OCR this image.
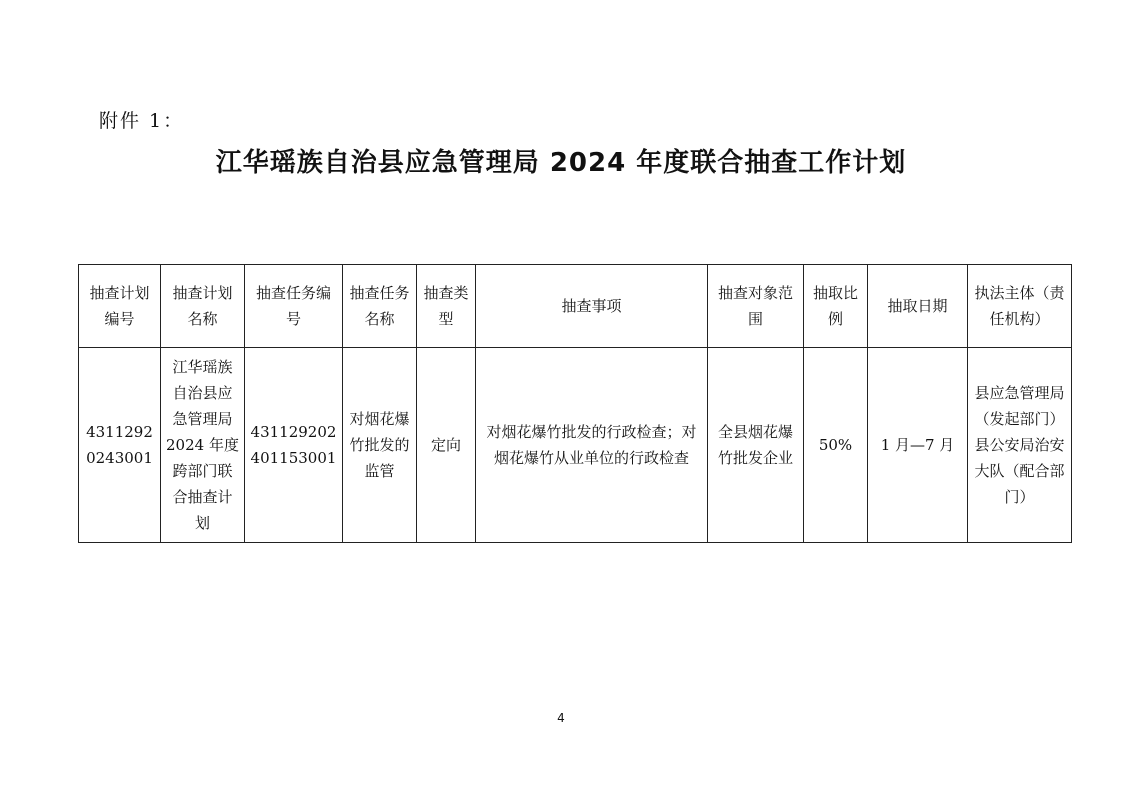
附件 1：
江华瑶族自治县应急管理局 2024 年度联合抽查工作计划
抽查计划编号	抽查计划名称	抽查任务编号	抽查任务名称	抽查类型	抽查事项	抽查对象范围	抽取比例	抽取日期	执法主体（责任机构）
43112920243001	江华瑶族自治县应急管理局 2024 年度跨部门联合抽查计划	431129202401153001	对烟花爆竹批发的监管	定向	对烟花爆竹批发的行政检查；对烟花爆竹从业单位的行政检查	全县烟花爆竹批发企业	50%	1 月—7 月	县应急管理局（发起部门）
县公安局治安大队（配合部门）
4
